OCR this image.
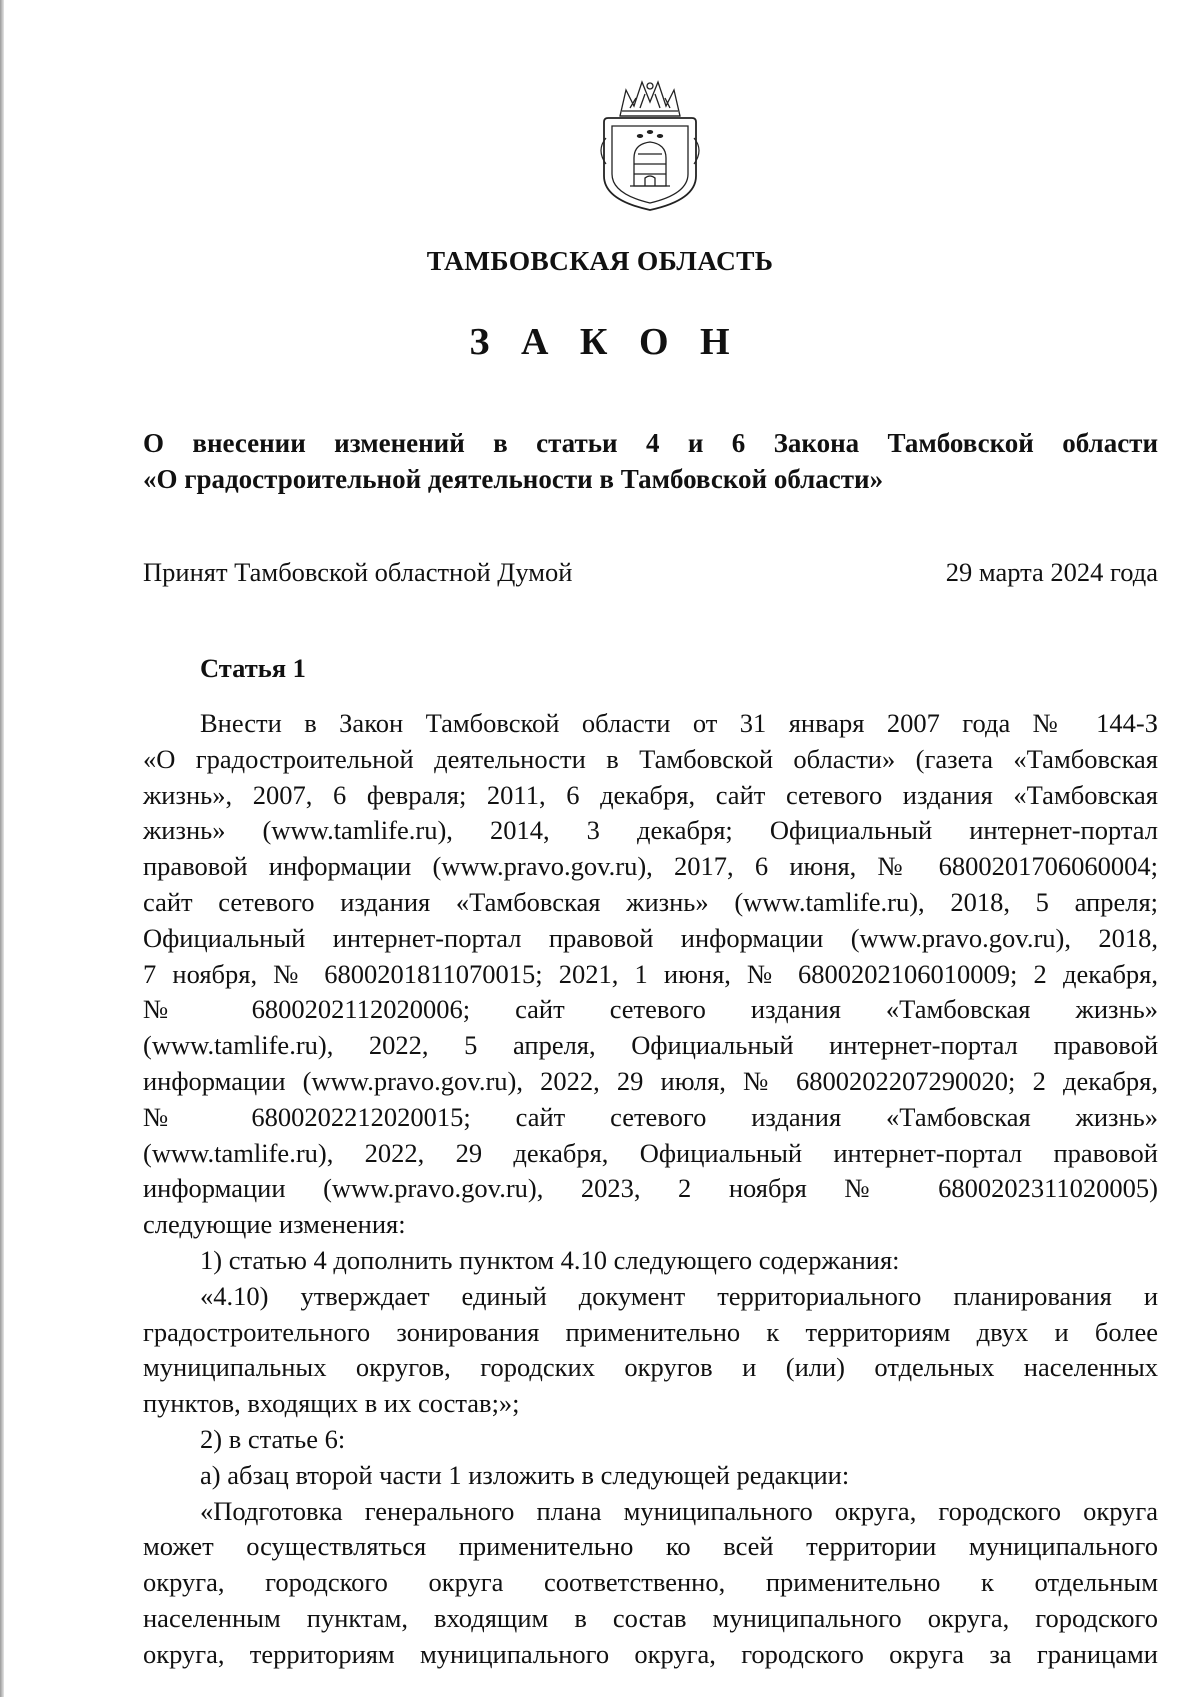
ТАМБОВСКАЯ ОБЛАСТЬ
З А К О Н
О внесении изменений в статьи 4 и 6 Закона Тамбовской области
«О градостроительной деятельности в Тамбовской области»
Принят Тамбовской областной Думой	29 марта 2024 года
Статья 1
Внести в Закон Тамбовской области от 31 января 2007 года № 144-З
«О градостроительной деятельности в Тамбовской области» (газета «Тамбовская
жизнь», 2007, 6 февраля; 2011, 6 декабря, сайт сетевого издания «Тамбовская
жизнь» (www.tamlife.ru), 2014, 3 декабря; Официальный интернет-портал
правовой информации (www.pravo.gov.ru), 2017, 6 июня, № 6800201706060004;
сайт сетевого издания «Тамбовская жизнь» (www.tamlife.ru), 2018, 5 апреля;
Официальный интернет-портал правовой информации (www.pravo.gov.ru), 2018,
7 ноября, № 6800201811070015; 2021, 1 июня, № 6800202106010009; 2 декабря,
№ 6800202112020006; сайт сетевого издания «Тамбовская жизнь»
(www.tamlife.ru), 2022, 5 апреля, Официальный интернет-портал правовой
информации (www.pravo.gov.ru), 2022, 29 июля, № 6800202207290020; 2 декабря,
№ 6800202212020015; сайт сетевого издания «Тамбовская жизнь»
(www.tamlife.ru), 2022, 29 декабря, Официальный интернет-портал правовой
информации (www.pravo.gov.ru), 2023, 2 ноября № 6800202311020005)
следующие изменения:
1) статью 4 дополнить пунктом 4.10 следующего содержания:
«4.10) утверждает единый документ территориального планирования и
градостроительного зонирования применительно к территориям двух и более
муниципальных округов, городских округов и (или) отдельных населенных
пунктов, входящих в их состав;»;
2) в статье 6:
а) абзац второй части 1 изложить в следующей редакции:
«Подготовка генерального плана муниципального округа, городского округа
может осуществляться применительно ко всей территории муниципального
округа, городского округа соответственно, применительно к отдельным
населенным пунктам, входящим в состав муниципального округа, городского
округа, территориям муниципального округа, городского округа за границами
